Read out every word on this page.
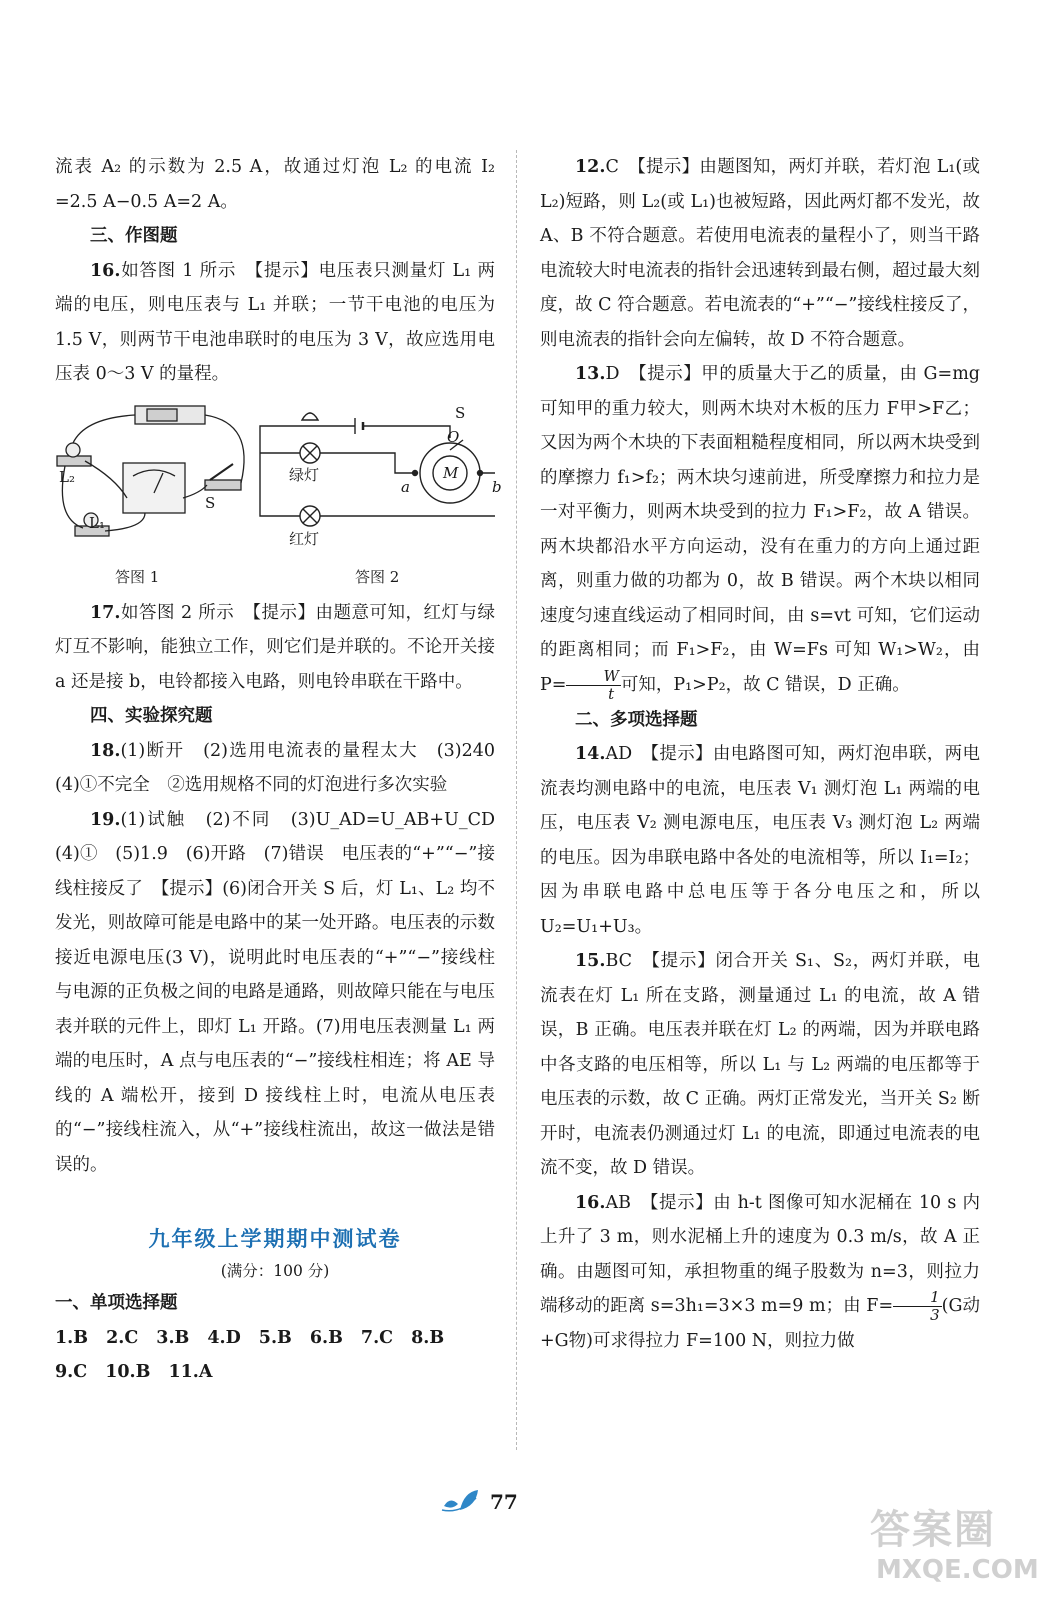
流表 A₂ 的示数为 2.5 A，故通过灯泡 L₂ 的电流 I₂ =2.5 A−0.5 A=2 A。

三、作图题

16.如答图 1 所示　【提示】电压表只测量灯 L₁ 两端的电压，则电压表与 L₁ 并联；一节干电池的电压为 1.5 V，则两节干电池串联时的电压为 3 V，故应选用电压表 0～3 V 的量程。

L₂
L₁
S
绿灯
红灯
S
O
M
a	b
答图 1	答图 2

17.如答图 2 所示　【提示】由题意可知，红灯与绿灯互不影响，能独立工作，则它们是并联的。不论开关接 a 还是接 b，电铃都接入电路，则电铃串联在干路中。

四、实验探究题

18.(1)断开　(2)选用电流表的量程太大　(3)240　(4)①不完全　②选用规格不同的灯泡进行多次实验

19.(1)试触　(2)不同　(3)U_AD=U_AB+U_CD　(4)①　(5)1.9　(6)开路　(7)错误　电压表的“+”“−”接线柱接反了　【提示】(6)闭合开关 S 后，灯 L₁、L₂ 均不发光，则故障可能是电路中的某一处开路。电压表的示数接近电源电压(3 V)，说明此时电压表的“+”“−”接线柱与电源的正负极之间的电路是通路，则故障只能在与电压表并联的元件上，即灯 L₁ 开路。(7)用电压表测量 L₁ 两端的电压时，A 点与电压表的“−”接线柱相连；将 AE 导线的 A 端松开，接到 D 接线柱上时，电流从电压表的“−”接线柱流入，从“+”接线柱流出，故这一做法是错误的。

九年级上学期期中测试卷

(满分：100 分)

一、单项选择题

1.B 2.C 3.B 4.D 5.B 6.B 7.C 8.B9.C 10.B 11.A

12.C　【提示】由题图知，两灯并联，若灯泡 L₁(或 L₂)短路，则 L₂(或 L₁)也被短路，因此两灯都不发光，故 A、B 不符合题意。若使用电流表的量程小了，则当干路电流较大时电流表的指针会迅速转到最右侧，超过最大刻度，故 C 符合题意。若电流表的“+”“−”接线柱接反了，则电流表的指针会向左偏转，故 D 不符合题意。

13.D　【提示】甲的质量大于乙的质量，由 G=mg 可知甲的重力较大，则两木块对木板的压力 F甲>F乙；又因为两个木块的下表面粗糙程度相同，所以两木块受到的摩擦力 f₁>f₂；两木块匀速前进，所受摩擦力和拉力是一对平衡力，则两木块受到的拉力 F₁>F₂，故 A 错误。两木块都沿水平方向运动，没有在重力的方向上通过距离，则重力做的功都为 0，故 B 错误。两个木块以相同速度匀速直线运动了相同时间，由 s=vt 可知，它们运动的距离相同；而 F₁>F₂，由 W=Fs 可知 W₁>W₂，由 $P= \frac{W}{t}$ 可知，P₁>P₂，故 C 错误，D 正确。

二、多项选择题

14.AD　【提示】由电路图可知，两灯泡串联，两电流表均测电路中的电流，电压表 V₁ 测灯泡 L₁ 两端的电压，电压表 V₂ 测电源电压，电压表 V₃ 测灯泡 L₂ 两端的电压。因为串联电路中各处的电流相等，所以 I₁=I₂；因为串联电路中总电压等于各分电压之和，所以 U₂=U₁+U₃。

15.BC　【提示】闭合开关 S₁、S₂，两灯并联，电流表在灯 L₁ 所在支路，测量通过 L₁ 的电流，故 A 错误，B 正确。电压表并联在灯 L₂ 的两端，因为并联电路中各支路的电压相等，所以 L₁ 与 L₂ 两端的电压都等于电压表的示数，故 C 正确。两灯正常发光，当开关 S₂ 断开时，电流表仍测通过灯 L₁ 的电流，即通过电流表的电流不变，故 D 错误。

16.AB　【提示】由 h-t 图像可知水泥桶在 10 s 内上升了 3 m，则水泥桶上升的速度为 0.3 m/s，故 A 正确。由题图可知，承担物重的绳子股数为 n=3，则拉力端移动的距离 s=3h₁=3×3 m=9 m；由 $F= \frac{1}{3} (G$动+G物)可求得拉力 F=100 N，则拉力做

77
答案圈
MXQE.COM
